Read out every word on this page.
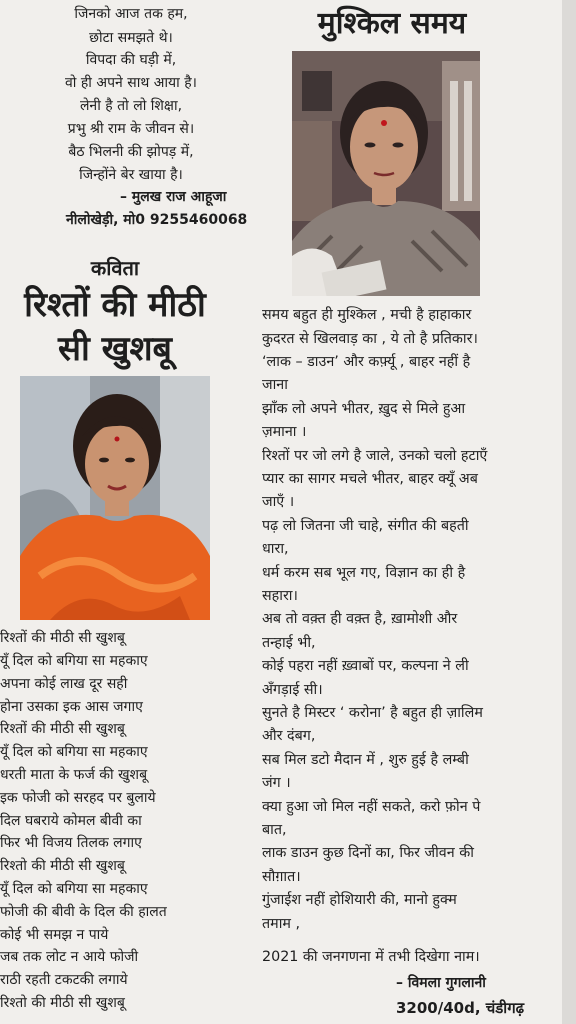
जिनको आज तक हम,
छोटा समझते थे।
विपदा की घड़ी में,
वो ही अपने साथ आया है।
लेनी है तो लो शिक्षा,
प्रभु श्री राम के जीवन से।
बैठ भिलनी की झोपड़ में,
जिन्होंने बेर खाया है।
– मुलख राज आहूजा
नीलोखेड़ी, मो0 9255460068
कविता
रिश्तों की मीठी
सी खुशबू
रिश्तों की मीठी सी खुशबू
यूँ दिल को बगिया सा महकाए
अपना कोई लाख दूर सही
होना उसका इक आस जगाए
रिश्तों की मीठी सी खुशबू
यूँ दिल को बगिया सा महकाए
धरती माता के फर्ज की खुशबू
इक फोजी को सरहद पर बुलाये
दिल घबराये कोमल बीवी का
फिर भी विजय तिलक लगाए
रिश्तो की मीठी सी खुशबू
यूँ दिल को बगिया सा महकाए
फोजी की बीवी के दिल की हालत
कोई भी समझ न पाये
जब तक लोट न आये फोजी
राठी रहती टकटकी लगाये
रिश्तो की मीठी सी खुशबू
मुश्किल समय
समय बहुत ही मुश्किल , मची है हाहाकार
कुदरत से खिलवाड़ का , ये तो है प्रतिकार।
‘लाक – डाउन’ और कर्फ़्यू , बाहर नहीं है
जाना
झाँक लो अपने भीतर, ख़ुद से मिले हुआ
ज़माना ।
रिश्तों पर जो लगे है जाले, उनको चलो हटाएँ
प्यार का सागर मचले भीतर, बाहर क्यूँ अब
जाएँ ।
पढ़ लो जितना जी चाहे, संगीत की बहती
धारा,
धर्म करम सब भूल गए, विज्ञान का ही है
सहारा।
अब तो वक़्त ही वक़्त है, ख़ामोशी और
तन्हाई भी,
कोई पहरा नहीं ख़्वाबों पर, कल्पना ने ली
अँगड़ाई सी।
सुनते है मिस्टर ‘ करोना’ है बहुत ही ज़ालिम
और दंबग,
सब मिल डटो मैदान में , शुरु हुई है लम्बी
जंग ।
क्या हुआ जो मिल नहीं सकते, करो फ़ोन पे
बात,
लाक डाउन कुछ दिनों का, फिर जीवन की
सौग़ात।
गुंजाईश नहीं होशियारी की, मानो हुक्म
तमाम ,
2021 की जनगणना में तभी दिखेगा नाम।
– विमला गुगलानी
3200/40d, चंडीगढ़
